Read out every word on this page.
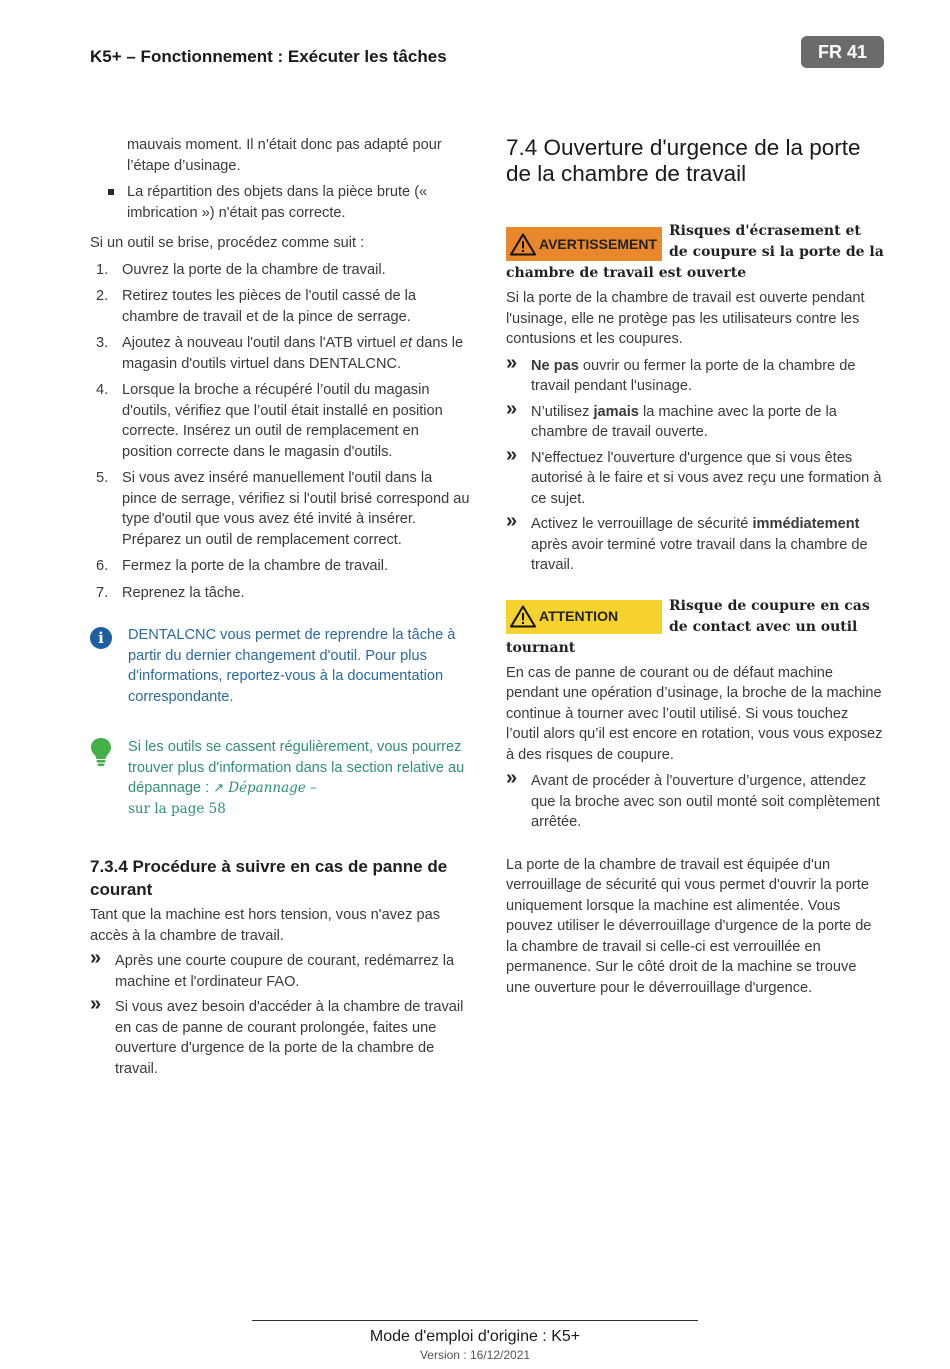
K5+ – Fonctionnement : Exécuter les tâches	FR 41

mauvais moment. Il n’était donc pas adapté pour l’étape d’usinage.

La répartition des objets dans la pièce brute (« imbrication ») n'était pas correcte.

Si un outil se brise, procédez comme suit :

1. Ouvrez la porte de la chambre de travail.
2. Retirez toutes les pièces de l'outil cassé de la chambre de travail et de la pince de serrage.
3. Ajoutez à nouveau l'outil dans l'ATB virtuel et dans le magasin d'outils virtuel dans DENTALCNC.
4. Lorsque la broche a récupéré l’outil du magasin d'outils, vérifiez que l’outil était installé en position correcte. Insérez un outil de remplacement en position correcte dans le magasin d'outils.
5. Si vous avez inséré manuellement l'outil dans la pince de serrage, vérifiez si l'outil brisé correspond au type d'outil que vous avez été invité à insérer. Préparez un outil de remplacement correct.
6. Fermez la porte de la chambre de travail.
7. Reprenez la tâche.
i	DENTALCNC vous permet de reprendre la tâche à partir du dernier changement d'outil. Pour plus d'informations, reportez-vous à la documentation correspondante.
Si les outils se cassent régulièrement, vous pourrez trouver plus d'information dans la section relative au dépannage : ↗ Dépannage –
sur la page 58
7.3.4 Procédure à suivre en cas de panne de courant

Tant que la machine est hors tension, vous n'avez pas accès à la chambre de travail.

» Après une courte coupure de courant, redémarrez la machine et l'ordinateur FAO.
» Si vous avez besoin d'accéder à la chambre de travail en cas de panne de courant prolongée, faites une ouverture d'urgence de la porte de la chambre de travail.
7.4 Ouverture d'urgence de la porte de la chambre de travail
AVERTISSEMENT
Risques d'écrasement et de coupure si la porte de la
chambre de travail est ouverte

Si la porte de la chambre de travail est ouverte pendant l'usinage, elle ne protège pas les utilisateurs contre les contusions et les coupures.

» Ne pas ouvrir ou fermer la porte de la chambre de travail pendant l'usinage.
» N’utilisez jamais la machine avec la porte de la chambre de travail ouverte.
» N'effectuez l'ouverture d'urgence que si vous êtes autorisé à le faire et si vous avez reçu une formation à ce sujet.
» Activez le verrouillage de sécurité immédiatement après avoir terminé votre travail dans la chambre de travail.
ATTENTION
Risque de coupure en cas de contact avec un outil
tournant

En cas de panne de courant ou de défaut machine pendant une opération d’usinage, la broche de la machine continue à tourner avec l’outil utilisé. Si vous touchez l’outil alors qu’il est encore en rotation, vous vous exposez à des risques de coupure.

» Avant de procéder à l'ouverture d’urgence, attendez que la broche avec son outil monté soit complètement arrêtée.

La porte de la chambre de travail est équipée d'un verrouillage de sécurité qui vous permet d'ouvrir la porte uniquement lorsque la machine est alimentée. Vous pouvez utiliser le déverrouillage d'urgence de la porte de la chambre de travail si celle-ci est verrouillée en permanence. Sur le côté droit de la machine se trouve une ouverture pour le déverrouillage d'urgence.

Mode d'emploi d'origine : K5+
Version : 16/12/2021
